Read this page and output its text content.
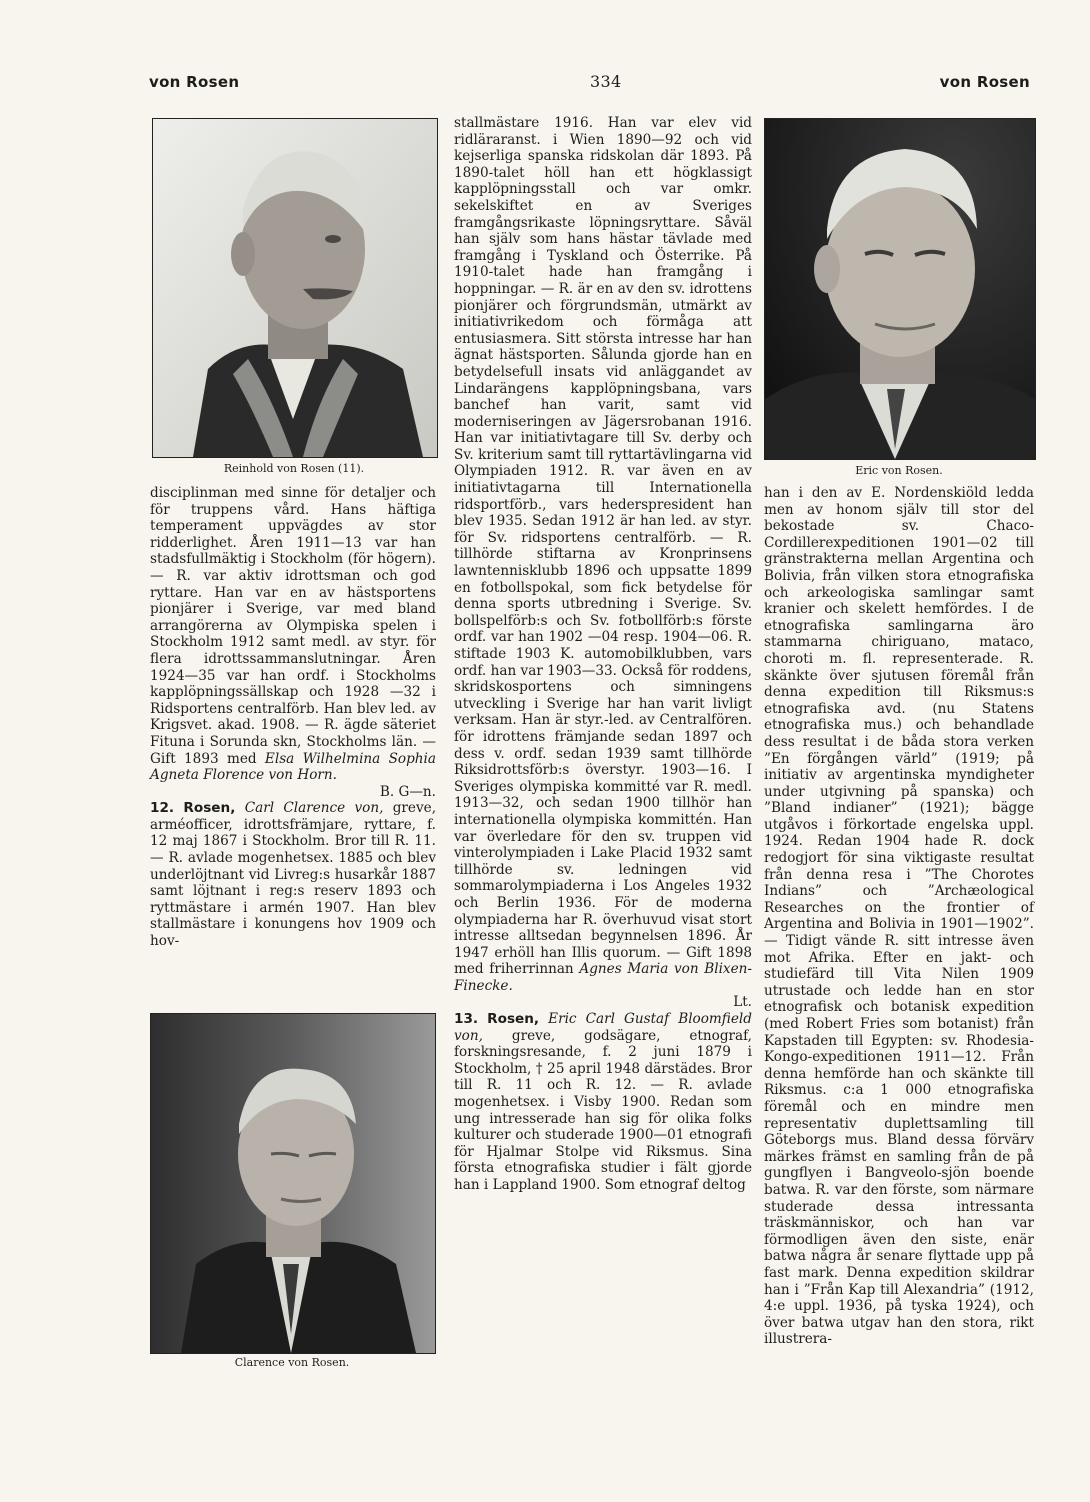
von Rosen	334	von Rosen
Reinhold von Rosen (11).
Clarence von Rosen.
Eric von Rosen.

disciplinman med sinne för detaljer och för truppens vård. Hans häftiga temperament uppvägdes av stor ridderlighet. Åren 1911—13 var han stadsfullmäktig i Stockholm (för högern). — R. var aktiv idrottsman och god ryttare. Han var en av hästsportens pionjärer i Sverige, var med bland arrangörerna av Olympiska spelen i Stockholm 1912 samt medl. av styr. för flera idrottssammanslutningar. Åren 1924—35 var han ordf. i Stockholms kapplöpningssällskap och 1928 —32 i Ridsportens centralförb. Han blev led. av Krigsvet. akad. 1908. — R. ägde säteriet Fituna i Sorunda skn, Stockholms län. — Gift 1893 med Elsa Wilhelmina Sophia Agneta Florence von Horn.
B. G—n.

12. Rosen, Carl Clarence von, greve, arméofficer, idrottsfrämjare, ryttare, f. 12 maj 1867 i Stockholm. Bror till R. 11. — R. avlade mogenhetsex. 1885 och blev underlöjtnant vid Livreg:s husarkår 1887 samt löjtnant i reg:s reserv 1893 och ryttmästare i armén 1907. Han blev stallmästare i konungens hov 1909 och hov-

stallmästare 1916. Han var elev vid ridläraranst. i Wien 1890—92 och vid kejserliga spanska ridskolan där 1893. På 1890-talet höll han ett högklassigt kapplöpningsstall och var omkr. sekelskiftet en av Sveriges framgångsrikaste löpningsryttare. Såväl han själv som hans hästar tävlade med framgång i Tyskland och Österrike. På 1910-talet hade han framgång i hoppningar. — R. är en av den sv. idrottens pionjärer och förgrundsmän, utmärkt av initiativrikedom och förmåga att entusiasmera. Sitt största intresse har han ägnat hästsporten. Sålunda gjorde han en betydelsefull insats vid anläggandet av Lindarängens kapplöpningsbana, vars banchef han varit, samt vid moderniseringen av Jägersrobanan 1916. Han var initiativtagare till Sv. derby och Sv. kriterium samt till ryttartävlingarna vid Olympiaden 1912. R. var även en av initiativtagarna till Internationella ridsportförb., vars hederspresident han blev 1935. Sedan 1912 är han led. av styr. för Sv. ridsportens centralförb. — R. tillhörde stiftarna av Kronprinsens lawntennisklubb 1896 och uppsatte 1899 en fotbollspokal, som fick betydelse för denna sports utbredning i Sverige. Sv. bollspelförb:s och Sv. fotbollförb:s förste ordf. var han 1902 —04 resp. 1904—06. R. stiftade 1903 K. automobilklubben, vars ordf. han var 1903—33. Också för roddens, skridskosportens och simningens utveckling i Sverige har han varit livligt verksam. Han är styr.-led. av Centralfören. för idrottens främjande sedan 1897 och dess v. ordf. sedan 1939 samt tillhörde Riksidrottsförb:s överstyr. 1903—16. I Sveriges olympiska kommitté var R. medl. 1913—32, och sedan 1900 tillhör han internationella olympiska kommittén. Han var överledare för den sv. truppen vid vinterolympiaden i Lake Placid 1932 samt tillhörde sv. ledningen vid sommarolympiaderna i Los Angeles 1932 och Berlin 1936. För de moderna olympiaderna har R. överhuvud visat stort intresse alltsedan begynnelsen 1896. År 1947 erhöll han Illis quorum. — Gift 1898 med friherrinnan Agnes Maria von Blixen-Finecke.
Lt.

13. Rosen, Eric Carl Gustaf Bloomfield von, greve, godsägare, etnograf, forskningsresande, f. 2 juni 1879 i Stockholm, † 25 april 1948 därstädes. Bror till R. 11 och R. 12. — R. avlade mogenhetsex. i Visby 1900. Redan som ung intresserade han sig för olika folks kulturer och studerade 1900—01 etnografi för Hjalmar Stolpe vid Riksmus. Sina första etnografiska studier i fält gjorde han i Lappland 1900. Som etnograf deltog

han i den av E. Nordenskiöld ledda men av honom själv till stor del bekostade sv. Chaco-Cordillerexpeditionen 1901—02 till gränstrakterna mellan Argentina och Bolivia, från vilken stora etnografiska och arkeologiska samlingar samt kranier och skelett hemfördes. I de etnografiska samlingarna äro stammarna chiriguano, mataco, choroti m. fl. representerade. R. skänkte över sjutusen föremål från denna expedition till Riksmus:s etnografiska avd. (nu Statens etnografiska mus.) och behandlade dess resultat i de båda stora verken ”En förgången värld” (1919; på initiativ av argentinska myndigheter under utgivning på spanska) och ”Bland indianer” (1921); bägge utgåvos i förkortade engelska uppl. 1924. Redan 1904 hade R. dock redogjort för sina viktigaste resultat från denna resa i ”The Chorotes Indians” och ”Archæological Researches on the frontier of Argentina and Bolivia in 1901—1902”. — Tidigt vände R. sitt intresse även mot Afrika. Efter en jakt- och studiefärd till Vita Nilen 1909 utrustade och ledde han en stor etnografisk och botanisk expedition (med Robert Fries som botanist) från Kapstaden till Egypten: sv. Rhodesia-Kongo-expeditionen 1911—12. Från denna hemförde han och skänkte till Riksmus. c:a 1 000 etnografiska föremål och en mindre men representativ duplettsamling till Göteborgs mus. Bland dessa förvärv märkes främst en samling från de på gungflyen i Bangveolo-sjön boende batwa. R. var den förste, som närmare studerade dessa intressanta träskmänniskor, och han var förmodligen även den siste, enär batwa några år senare flyttade upp på fast mark. Denna expedition skildrar han i ”Från Kap till Alexandria” (1912, 4:e uppl. 1936, på tyska 1924), och över batwa utgav han den stora, rikt illustrera-
